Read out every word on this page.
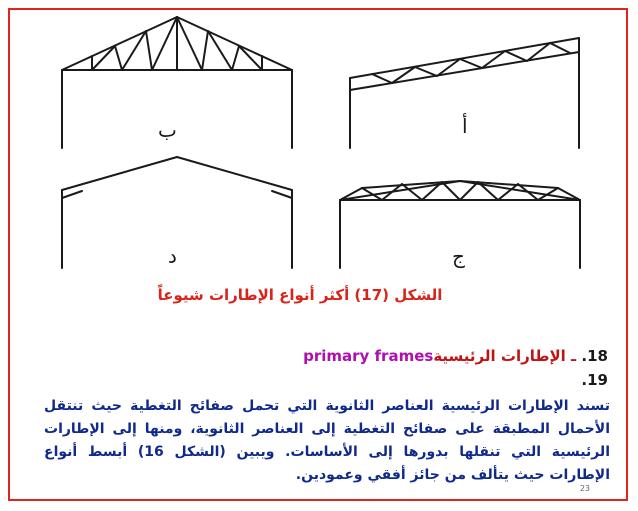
ب	أ
د	ج
الشكل (17) أكثر أنواع الإطارات شيوعاً
18. ـ الإطارات الرئيسيةprimary frames
19.
تسند الإطارات الرئيسية العناصر الثانوية التي تحمل صفائح التغطية حيث تنتقل الأحمال المطبقة على صفائح التغطية إلى العناصر الثانوية، ومنها إلى الإطارات الرئيسية التي تنقلها بدورها إلى الأساسات. ويبين (الشكل 16) أبسط أنواع الإطارات حيث يتألف من جائز أفقي وعمودين.
23
